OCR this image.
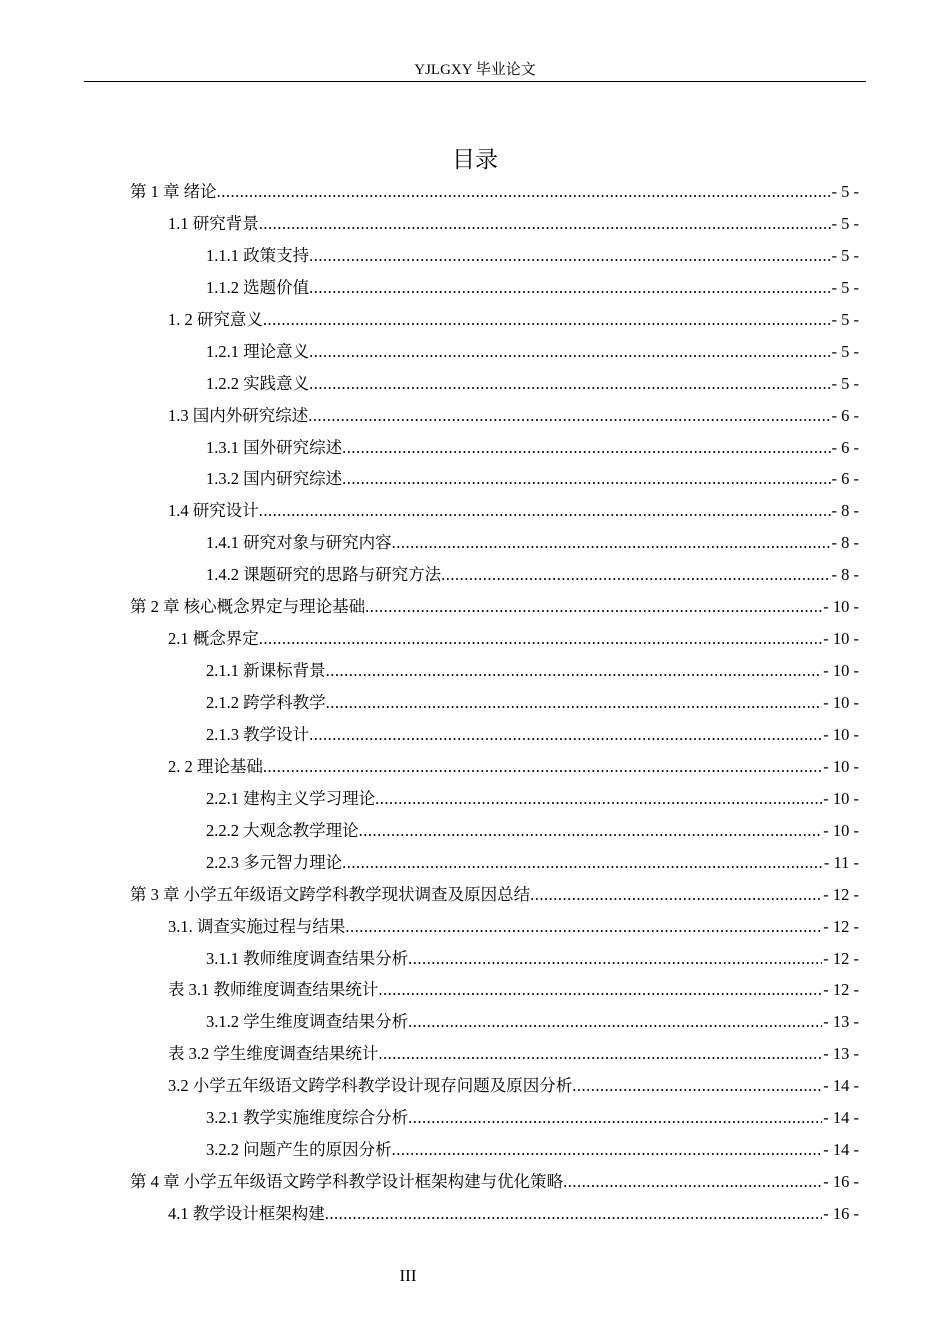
YJLGXY 毕业论文
目录
第 1 章 绪论 .....	- 5 -
1.1 研究背景 .....	- 5 -
1.1.1 政策支持 .....	- 5 -
1.1.2 选题价值 .....	- 5 -
1. 2 研究意义 .....	- 5 -
1.2.1 理论意义 .....	- 5 -
1.2.2 实践意义 .....	- 5 -
1.3 国内外研究综述 .....	- 6 -
1.3.1 国外研究综述 .....	- 6 -
1.3.2 国内研究综述 .....	- 6 -
1.4 研究设计 .....	- 8 -
1.4.1 研究对象与研究内容 .....	- 8 -
1.4.2 课题研究的思路与研究方法 .....	- 8 -
第 2 章 核心概念界定与理论基础 .....	- 10 -
2.1 概念界定 .....	- 10 -
2.1.1 新课标背景 .....	- 10 -
2.1.2 跨学科教学 .....	- 10 -
2.1.3 教学设计 .....	- 10 -
2. 2 理论基础 .....	- 10 -
2.2.1 建构主义学习理论 .....	- 10 -
2.2.2 大观念教学理论 .....	- 10 -
2.2.3 多元智力理论 .....	- 11 -
第 3 章 小学五年级语文跨学科教学现状调查及原因总结 .....	- 12 -
3.1. 调查实施过程与结果 .....	- 12 -
3.1.1 教师维度调查结果分析 .....	- 12 -
表 3.1 教师维度调查结果统计 .....	- 12 -
3.1.2 学生维度调查结果分析 .....	- 13 -
表 3.2 学生维度调查结果统计 .....	- 13 -
3.2 小学五年级语文跨学科教学设计现存问题及原因分析 .....	- 14 -
3.2.1 教学实施维度综合分析 .....	- 14 -
3.2.2 问题产生的原因分析 .....	- 14 -
第 4 章 小学五年级语文跨学科教学设计框架构建与优化策略 .....	- 16 -
4.1 教学设计框架构建 .....	- 16 -
III
